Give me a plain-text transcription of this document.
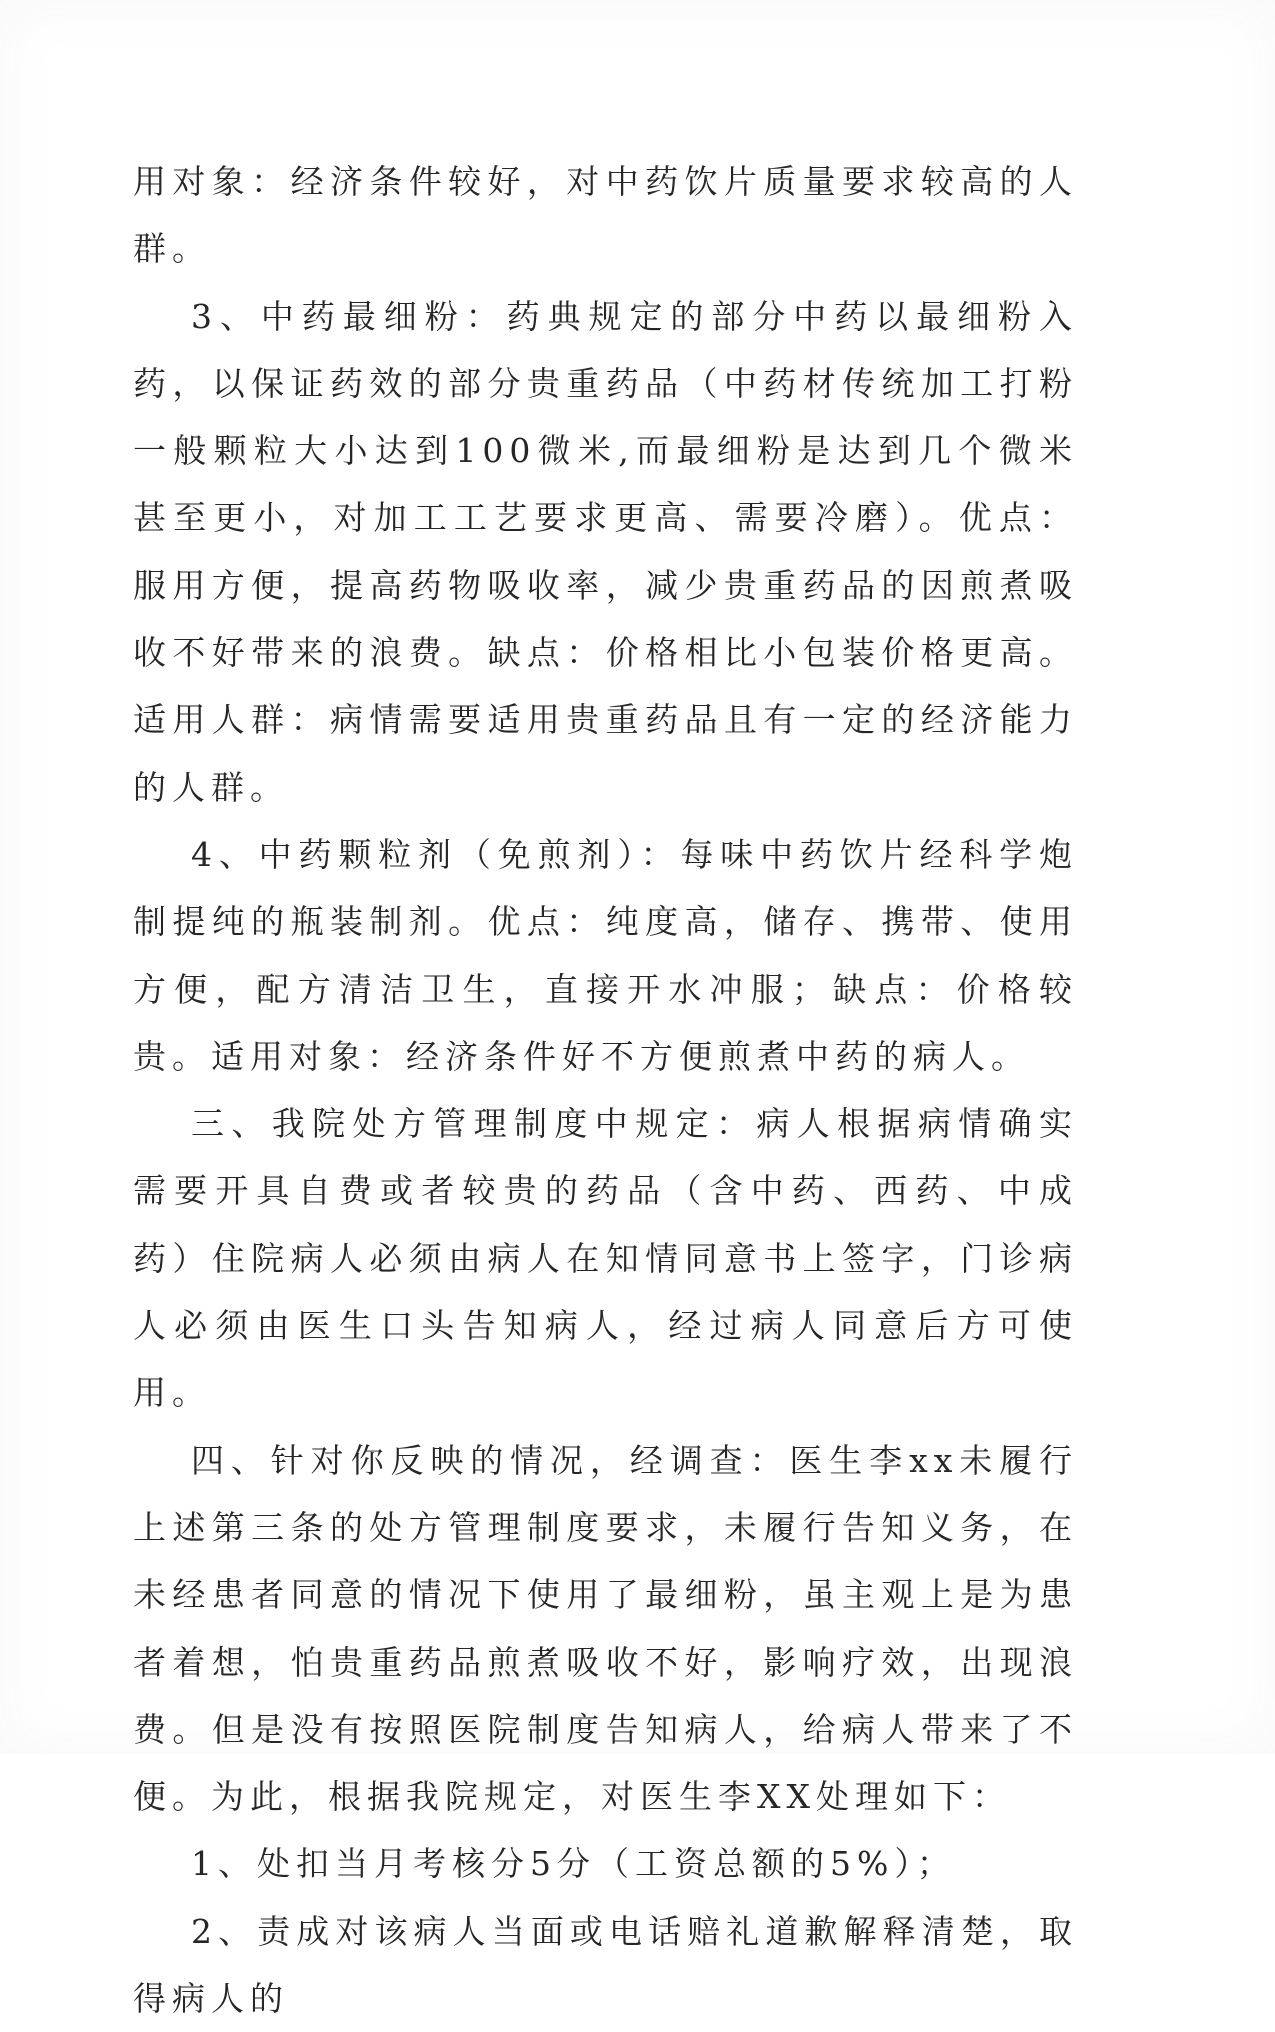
用对象：经济条件较好，对中药饮片质量要求较高的人群。

3、中药最细粉：药典规定的部分中药以最细粉入药，以保证药效的部分贵重药品（中药材传统加工打粉一般颗粒大小达到100微米,而最细粉是达到几个微米甚至更小，对加工工艺要求更高、需要冷磨）。优点：服用方便，提高药物吸收率，减少贵重药品的因煎煮吸收不好带来的浪费。缺点：价格相比小包装价格更高。适用人群：病情需要适用贵重药品且有一定的经济能力的人群。

4、中药颗粒剂（免煎剂）：每味中药饮片经科学炮制提纯的瓶装制剂。优点：纯度高，储存、携带、使用方便，配方清洁卫生，直接开水冲服；缺点：价格较贵。适用对象：经济条件好不方便煎煮中药的病人。

三、我院处方管理制度中规定：病人根据病情确实需要开具自费或者较贵的药品（含中药、西药、中成药）住院病人必须由病人在知情同意书上签字，门诊病人必须由医生口头告知病人，经过病人同意后方可使用。

四、针对你反映的情况，经调查：医生李xx未履行上述第三条的处方管理制度要求，未履行告知义务，在未经患者同意的情况下使用了最细粉，虽主观上是为患者着想，怕贵重药品煎煮吸收不好，影响疗效，出现浪费。但是没有按照医院制度告知病人，给病人带来了不便。为此，根据我院规定，对医生李XX处理如下：

1、处扣当月考核分5分（工资总额的5%）；

2、责成对该病人当面或电话赔礼道歉解释清楚，取得病人的
